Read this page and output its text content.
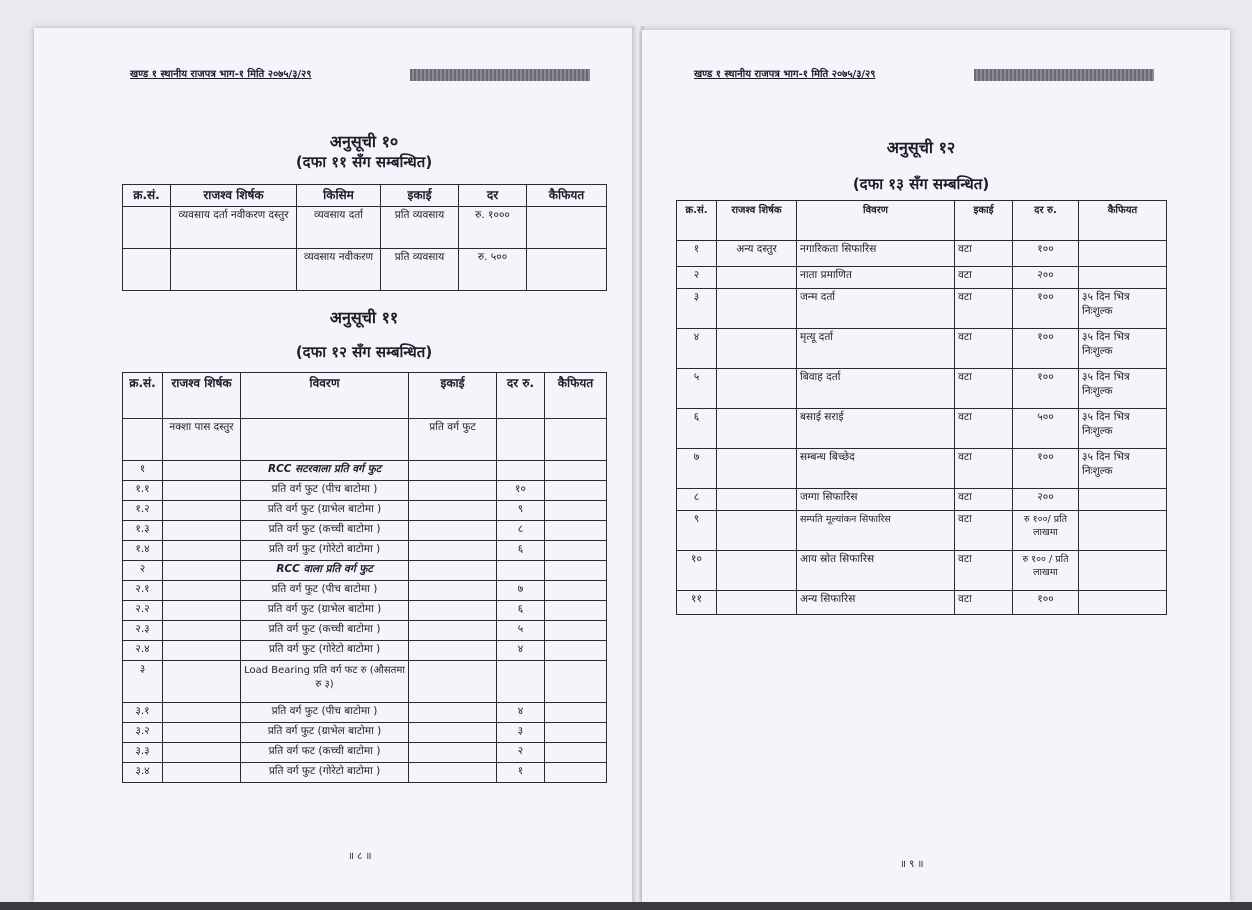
खण्ड १ स्थानीय राजपत्र भाग-१ मिति २०७५/३/२९
अनुसूची १०
(दफा ११ सँग सम्बन्धित)
क्र.सं.	राजश्व शिर्षक	किसिम	इकाई	दर	कैफियत
	व्यवसाय दर्ता नवीकरण दस्तुर	व्यवसाय दर्ता	प्रति व्यवसाय	रु. १०००	
		व्यवसाय नवीकरण	प्रति व्यवसाय	रु. ५००	
अनुसूची ११
(दफा १२ सँग सम्बन्धित)
क्र.सं.	राजश्व शिर्षक	विवरण	इकाई	दर रु.	कैफियत
	नक्शा पास दस्तुर		प्रति वर्ग फुट		
१		RCC सटरवाला प्रति वर्ग फुट			
१.१		प्रति वर्ग फुट (पीच बाटोमा )		१०	
१.२		प्रति वर्ग फुट (ग्राभेल बाटोमा )		९	
१.३		प्रति वर्ग फुट (कच्ची बाटोमा )		८	
१.४		प्रति वर्ग फुट (गोरेटो बाटोमा )		६	
२		RCC वाला प्रति वर्ग फुट			
२.१		प्रति वर्ग फुट (पीच बाटोमा )		७	
२.२		प्रति वर्ग फुट (ग्राभेल बाटोमा )		६	
२.३		प्रति वर्ग फुट (कच्ची बाटोमा )		५	
२.४		प्रति वर्ग फुट (गोरेटो बाटोमा )		४	
३		Load Bearing प्रति वर्ग फट रु (औसतमा रु ३)			
३.१		प्रति वर्ग फुट (पीच बाटोमा )		४	
३.२		प्रति वर्ग फुट (ग्राभेल बाटोमा )		३	
३.३		प्रति वर्ग फट (कच्ची बाटोमा )		२	
३.४		प्रति वर्ग फुट (गोरेटो बाटोमा )		१	
॥ ८ ॥
खण्ड १ स्थानीय राजपत्र भाग-१ मिति २०७५/३/२९
अनुसूची १२
(दफा १३ सँग सम्बन्धित)
क्र.सं.	राजश्व शिर्षक	विवरण	इकाई	दर रु.	कैफियत
१	अन्य दस्तुर	नगारिकता सिफारिस	वटा	१००	
२		नाता प्रमाणित	वटा	२००	
३		जन्म दर्ता	वटा	१००	३५ दिन भित्र निःशुल्क
४		मृत्यू दर्ता	वटा	१००	३५ दिन भित्र निःशुल्क
५		बिवाह दर्ता	वटा	१००	३५ दिन भित्र निःशुल्क
६		बसाई सराई	वटा	५००	३५ दिन भित्र निःशुल्क
७		सम्बन्ध बिच्छेद	वटा	१००	३५ दिन भित्र निःशुल्क
८		जग्गा सिफारिस	वटा	२००	
९		सम्पति मूल्यांकन सिफारिस	वटा	रु १००/ प्रति लाखमा	
१०		आय स्रोत सिफारिस	वटा	रु १०० / प्रति लाखमा	
११		अन्य सिफारिस	वटा	१००	
॥ ९ ॥
